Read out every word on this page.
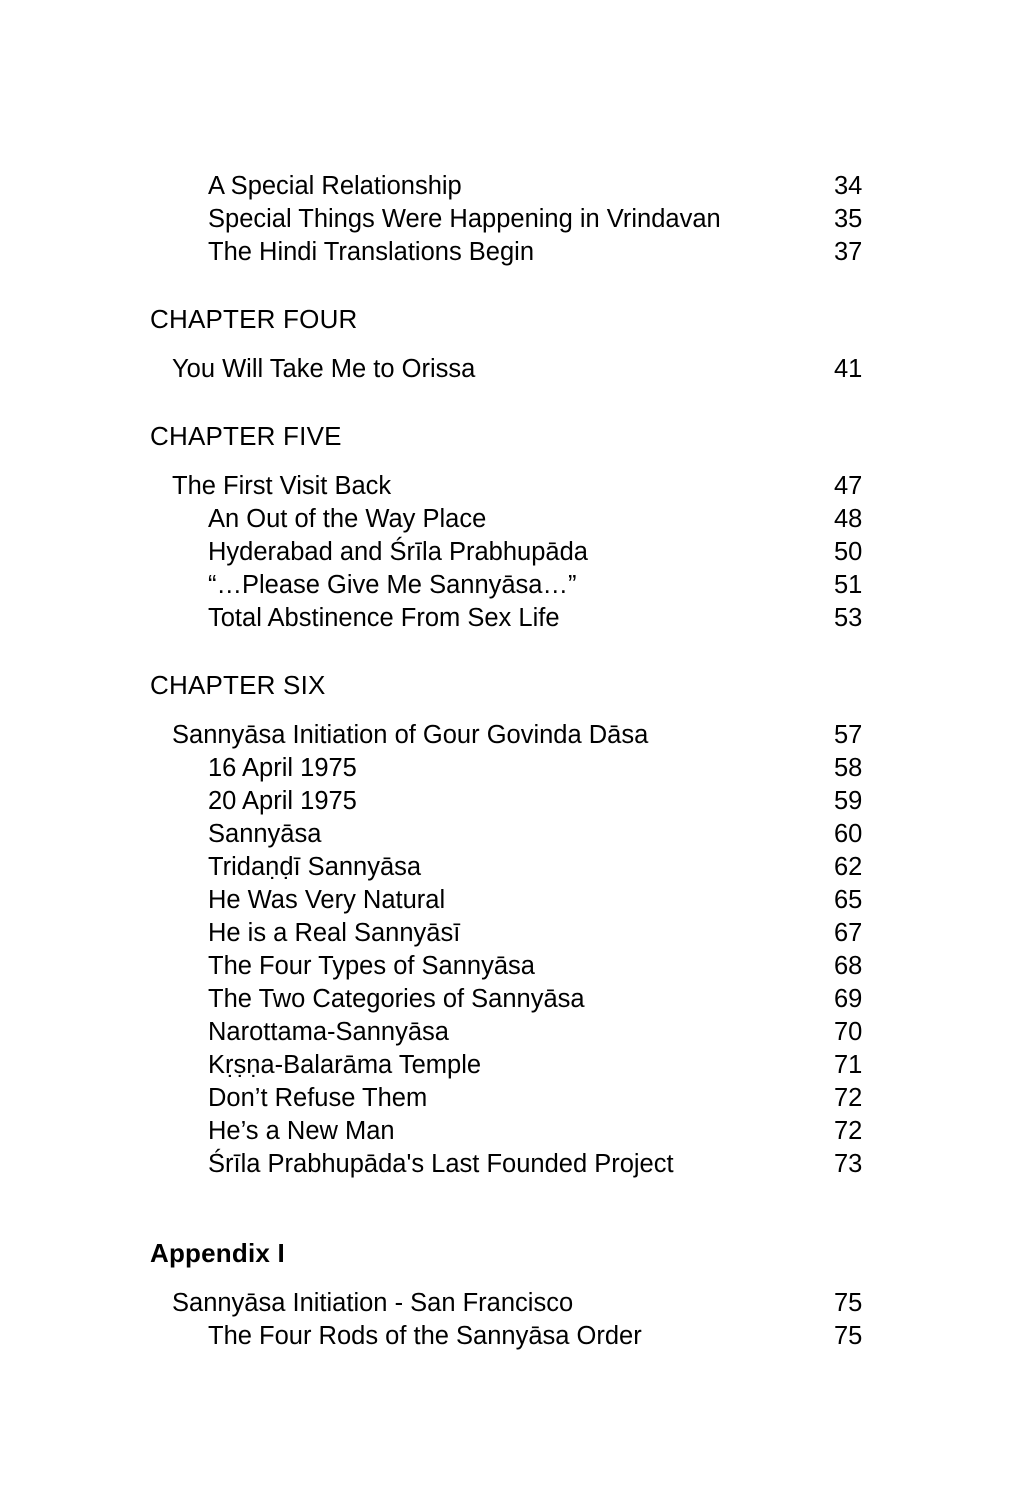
A Special Relationship	34
Special Things Were Happening in Vrindavan	35
The Hindi Translations Begin	37
CHAPTER FOUR
You Will Take Me to Orissa	41
CHAPTER FIVE
The First Visit Back	47
An Out of the Way Place	48
Hyderabad and Śrīla Prabhupāda	50
“…Please Give Me Sannyāsa…”	51
Total Abstinence From Sex Life	53
CHAPTER SIX
Sannyāsa Initiation of Gour Govinda Dāsa	57
16 April 1975	58
20 April 1975	59
Sannyāsa	60
Tridaṇḍī Sannyāsa	62
He Was Very Natural	65
He is a Real Sannyāsī	67
The Four Types of Sannyāsa	68
The Two Categories of Sannyāsa	69
Narottama-Sannyāsa	70
Kṛṣṇa-Balarāma Temple	71
Don’t Refuse Them	72
He’s a New Man	72
Śrīla Prabhupāda's Last Founded Project	73
Appendix I
Sannyāsa Initiation - San Francisco	75
The Four Rods of the Sannyāsa Order	75
